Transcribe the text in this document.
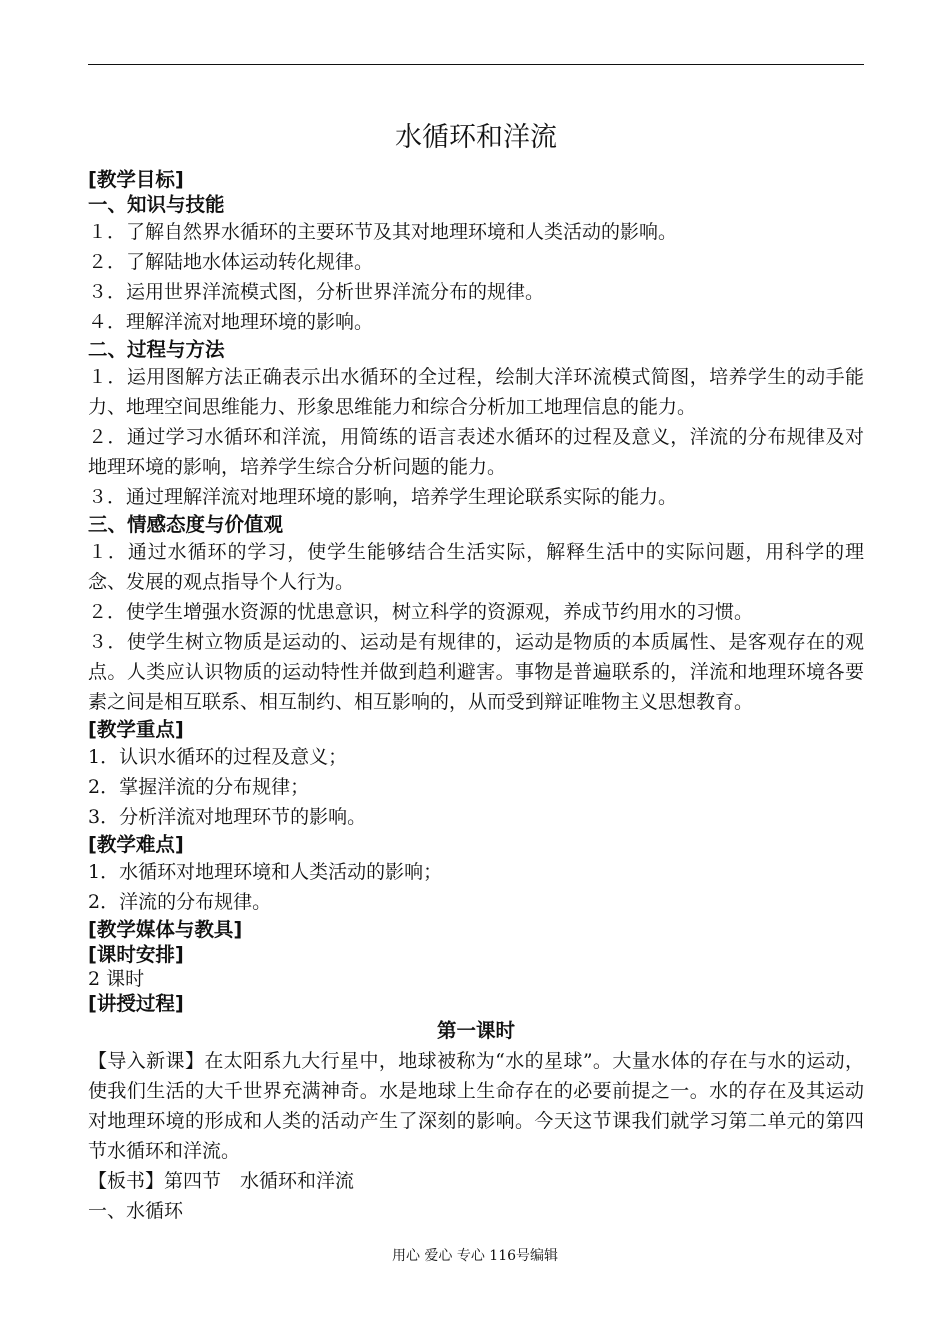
水循环和洋流
[教学目标]
一、知识与技能
１．了解自然界水循环的主要环节及其对地理环境和人类活动的影响。
２．了解陆地水体运动转化规律。
３．运用世界洋流模式图，分析世界洋流分布的规律。
４．理解洋流对地理环境的影响。
二、过程与方法
１．运用图解方法正确表示出水循环的全过程，绘制大洋环流模式简图，培养学生的动手能力、地理空间思维能力、形象思维能力和综合分析加工地理信息的能力。
２．通过学习水循环和洋流，用简练的语言表述水循环的过程及意义，洋流的分布规律及对地理环境的影响，培养学生综合分析问题的能力。
３．通过理解洋流对地理环境的影响，培养学生理论联系实际的能力。
三、情感态度与价值观
１．通过水循环的学习，使学生能够结合生活实际，解释生活中的实际问题，用科学的理念、发展的观点指导个人行为。
２．使学生增强水资源的忧患意识，树立科学的资源观，养成节约用水的习惯。
３．使学生树立物质是运动的、运动是有规律的，运动是物质的本质属性、是客观存在的观点。人类应认识物质的运动特性并做到趋利避害。事物是普遍联系的，洋流和地理环境各要素之间是相互联系、相互制约、相互影响的，从而受到辩证唯物主义思想教育。
[教学重点]
1．认识水循环的过程及意义；
2．掌握洋流的分布规律；
3．分析洋流对地理环节的影响。
[教学难点]
1．水循环对地理环境和人类活动的影响；
2．洋流的分布规律。
[教学媒体与教具]
[课时安排]
2 课时
[讲授过程]
第一课时
【导入新课】在太阳系九大行星中，地球被称为“水的星球”。大量水体的存在与水的运动，使我们生活的大千世界充满神奇。水是地球上生命存在的必要前提之一。水的存在及其运动对地理环境的形成和人类的活动产生了深刻的影响。今天这节课我们就学习第二单元的第四节水循环和洋流。
【板书】第四节　水循环和洋流
一、水循环
用心 爱心 专心 116号编辑
